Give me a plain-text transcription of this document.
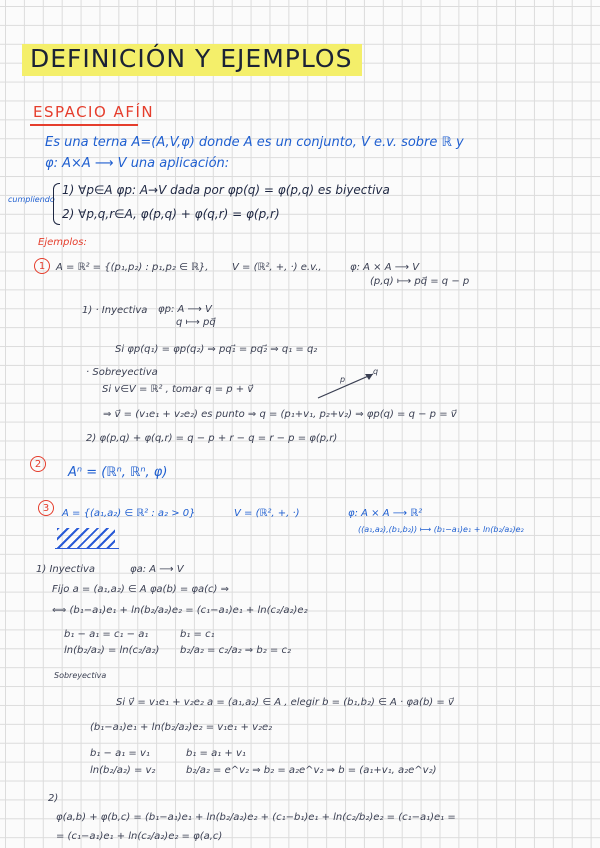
DEFINICIÓN Y EJEMPLOS
ESPACIO AFÍN
Es una terna A=(A,V,φ) donde A es un conjunto, V e.v. sobre ℝ y
φ: A×A ⟶ V una aplicación:
cumpliendo
1) ∀p∈A φp: A→V dada por φp(q) = φ(p,q) es biyectiva
2) ∀p,q,r∈A, φ(p,q) + φ(q,r) = φ(p,r)
Ejemplos:
1	A = ℝ² = {(p₁,p₂) : p₁,p₂ ∈ ℝ}, V = (ℝ², +, ·) e.v.,	φ: A × A ⟶ V
(p,q) ⟼ pq⃗ = q − p
1) · Inyectiva φp: A ⟶ V
q ⟼ pq⃗
Si φp(q₁) = φp(q₂) ⇒ pq₁⃗ = pq₂⃗ ⇒ q₁ = q₂
· Sobreyectiva
Si v∈V = ℝ² , tomar q = p + v⃗
⇒ v⃗ = (v₁e₁ + v₂e₂) es punto ⇒ q = (p₁+v₁, p₂+v₂) ⇒ φp(q) = q − p = v⃗
p
q
2) φ(p,q) + φ(q,r) = q − p + r − q = r − p = φ(p,r)
2
Aⁿ = (ℝⁿ, ℝⁿ, φ)
3	A = {(a₁,a₂) ∈ ℝ² : a₂ > 0}	V = (ℝ², +, ·)	φ: A × A ⟶ ℝ²
((a₁,a₂),(b₁,b₂)) ⟼ (b₁−a₁)e₁ + ln(b₂/a₂)e₂
1) Inyectiva	φa: A ⟶ V
Fijo a = (a₁,a₂) ∈ A φa(b) = φa(c) ⇒
⟺ (b₁−a₁)e₁ + ln(b₂/a₂)e₂ = (c₁−a₁)e₁ + ln(c₂/a₂)e₂
b₁ − a₁ = c₁ − a₁	b₁ = c₁
ln(b₂/a₂) = ln(c₂/a₂) b₂/a₂ = c₂/a₂ ⇒ b₂ = c₂
Sobreyectiva
Si v⃗ = v₁e₁ + v₂e₂ a = (a₁,a₂) ∈ A , elegir b = (b₁,b₂) ∈ A · φa(b) = v⃗
(b₁−a₁)e₁ + ln(b₂/a₂)e₂ = v₁e₁ + v₂e₂
b₁ − a₁ = v₁	b₁ = a₁ + v₁
ln(b₂/a₂) = v₂	b₂/a₂ = e^v₂ ⇒ b₂ = a₂e^v₂ ⇒ b = (a₁+v₁, a₂e^v₂)
2)
φ(a,b) + φ(b,c) = (b₁−a₁)e₁ + ln(b₂/a₂)e₂ + (c₁−b₁)e₁ + ln(c₂/b₂)e₂ = (c₁−a₁)e₁ =
= (c₁−a₁)e₁ + ln(c₂/a₂)e₂ = φ(a,c)
